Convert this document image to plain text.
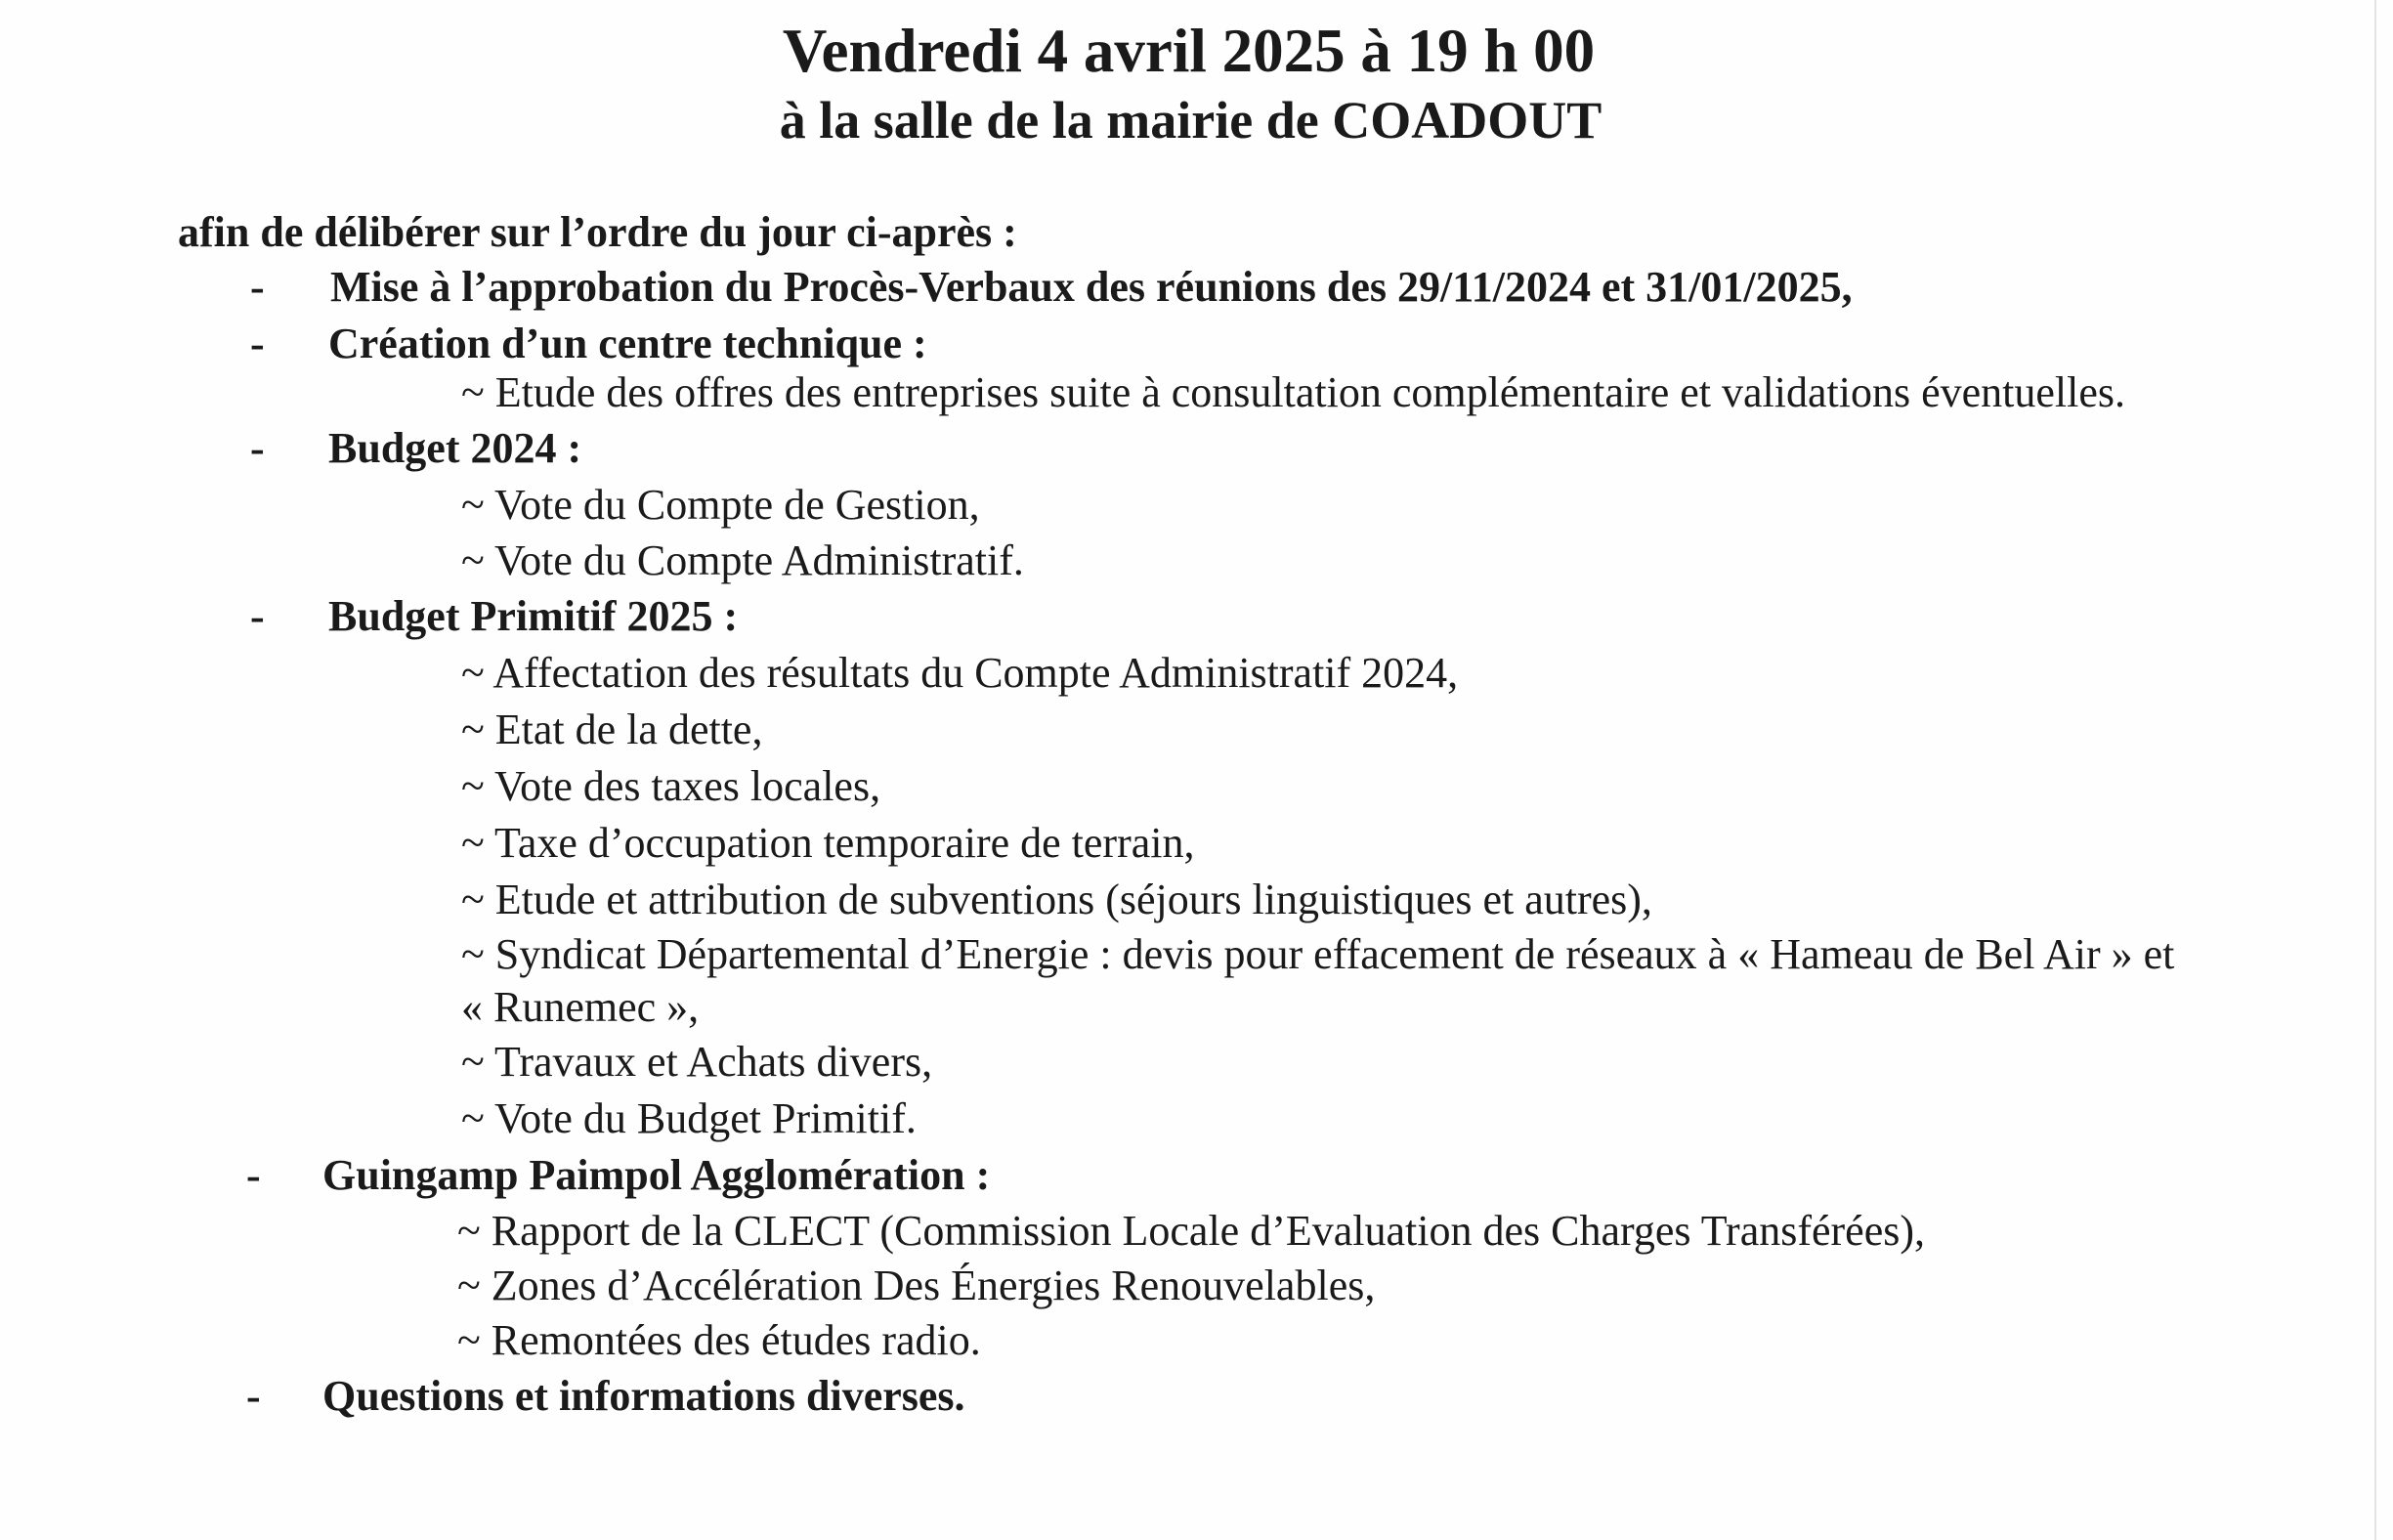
Vendredi 4 avril 2025 à 19 h 00
à la salle de la mairie de COADOUT
afin de délibérer sur l’ordre du jour ci-après :
- Mise à l’approbation du Procès-Verbaux des réunions des 29/11/2024 et 31/01/2025,
- Création d’un centre technique :
~ Etude des offres des entreprises suite à consultation complémentaire et validations éventuelles.
- Budget 2024 :
~ Vote du Compte de Gestion,
~ Vote du Compte Administratif.
- Budget Primitif 2025 :
~ Affectation des résultats du Compte Administratif 2024,
~ Etat de la dette,
~ Vote des taxes locales,
~ Taxe d’occupation temporaire de terrain,
~ Etude et attribution de subventions (séjours linguistiques et autres),
~ Syndicat Départemental d’Energie : devis pour effacement de réseaux à « Hameau de Bel Air » et « Runemec »,
~ Travaux et Achats divers,
~ Vote du Budget Primitif.
- Guingamp Paimpol Agglomération :
~ Rapport de la CLECT (Commission Locale d’Evaluation des Charges Transférées),
~ Zones d’Accélération Des Énergies Renouvelables,
~ Remontées des études radio.
- Questions et informations diverses.
